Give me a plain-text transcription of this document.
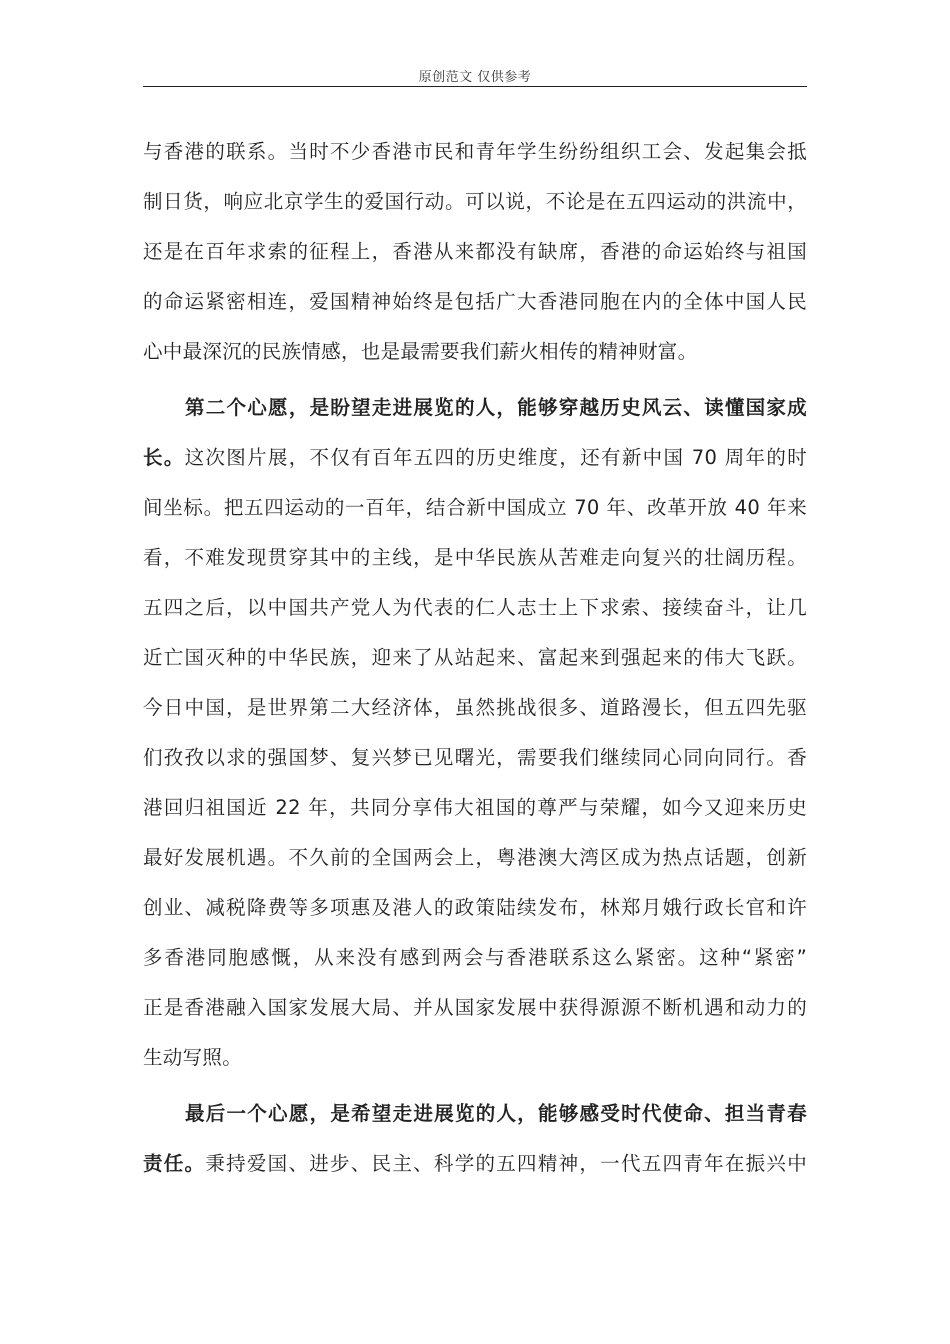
原创范文 仅供参考
与香港的联系。当时不少香港市民和青年学生纷纷组织工会、发起集会抵
制日货，响应北京学生的爱国行动。可以说，不论是在五四运动的洪流中，
还是在百年求索的征程上，香港从来都没有缺席，香港的命运始终与祖国
的命运紧密相连，爱国精神始终是包括广大香港同胞在内的全体中国人民
心中最深沉的民族情感，也是最需要我们薪火相传的精神财富。
第二个心愿，是盼望走进展览的人，能够穿越历史风云、读懂国家成
长。这次图片展，不仅有百年五四的历史维度，还有新中国 70 周年的时
间坐标。把五四运动的一百年，结合新中国成立 70 年、改革开放 40 年来
看，不难发现贯穿其中的主线，是中华民族从苦难走向复兴的壮阔历程。
五四之后，以中国共产党人为代表的仁人志士上下求索、接续奋斗，让几
近亡国灭种的中华民族，迎来了从站起来、富起来到强起来的伟大飞跃。
今日中国，是世界第二大经济体，虽然挑战很多、道路漫长，但五四先驱
们孜孜以求的强国梦、复兴梦已见曙光，需要我们继续同心同向同行。香
港回归祖国近 22 年，共同分享伟大祖国的尊严与荣耀，如今又迎来历史
最好发展机遇。不久前的全国两会上，粤港澳大湾区成为热点话题，创新
创业、减税降费等多项惠及港人的政策陆续发布，林郑月娥行政长官和许
多香港同胞感慨，从来没有感到两会与香港联系这么紧密。这种“紧密”
正是香港融入国家发展大局、并从国家发展中获得源源不断机遇和动力的
生动写照。
最后一个心愿，是希望走进展览的人，能够感受时代使命、担当青春
责任。秉持爱国、进步、民主、科学的五四精神，一代五四青年在振兴中
